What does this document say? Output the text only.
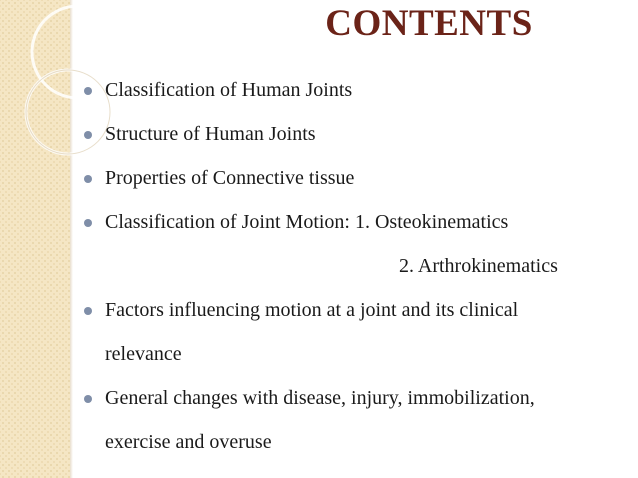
CONTENTS
Classification of Human Joints
Structure of Human Joints
Properties of Connective tissue
Classification of Joint Motion: 1. Osteokinematics
2. Arthrokinematics
Factors influencing motion at a joint and its clinical
relevance
General changes with disease, injury, immobilization,
exercise and overuse
